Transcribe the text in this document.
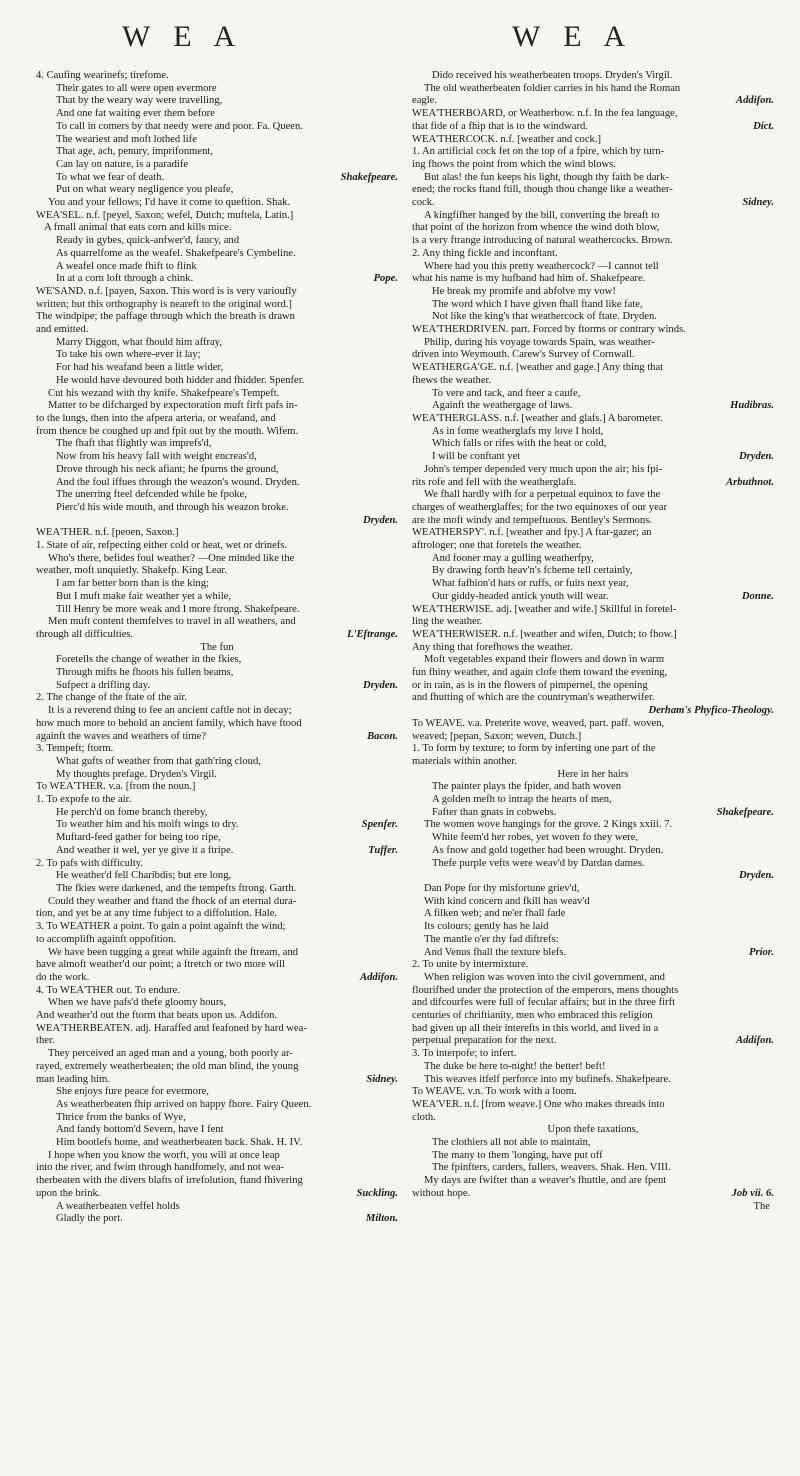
W E A	W E A
4. Caufing wearinefs; tirefome.
Their gates to all were open evermore
That by the weary way were travelling,
And one fat waiting ever them before
To call in comers by that needy were and poor. Fa. Queen.
The weariest and moft lothed life
That age, ach, penury, imprifonment,
Can lay on nature, is a paradife
Shakefpeare.
To what we fear of death.
Put on what weary negligence you pleafe,
You and your fellows; I'd have it come to queftion. Shak.
WEA'SEL. n.f. [peyel, Saxon; wefel, Dutch; muftela, Latin.]
A fmall animal that eats corn and kills mice.
Ready in gybes, quick-anfwer'd, faucy, and
As quarrelfome as the weafel. Shakefpeare's Cymbeline.
A weafel once made fhift to flink
Pope.
In at a corn loft through a chink.
WE'SAND. n.f. [payen, Saxon. This word is is very varioufly
written; but this orthography is neareft to the original word.]
The windpipe; the paffage through which the breath is drawn
and emitted.
Marry Diggon, what fhould him affray,
To take his own where-ever it lay;
For had his weafand been a little wider,
He would have devoured both hidder and fhidder. Spenfer.
Cut his wezand with thy knife. Shakefpeare's Tempeft.
Matter to be difcharged by expectoration muft firft pafs in-
to the lungs, then into the afpera arteria, or weafand, and
from thence be coughed up and fpit out by the mouth. Wifem.
The fhaft that flightly was imprefs'd,
Now from his heavy fall with weight encreas'd,
Drove through his neck afiant; he fpurns the ground,
And the foul iffues through the weazon's wound. Dryden.
The unerring fteel defcended while he fpoke,
Pierc'd his wide mouth, and through his weazon broke.
Dryden.
WEA'THER. n.f. [peoen, Saxon.]
1. State of air, refpecting either cold or heat, wet or drinefs.
Who's there, befides foul weather? —One minded like the
weather, moft unquietly. Shakefp. King Lear.
I am far better born than is the king;
But I muft make fair weather yet a while,
Till Henry be more weak and I more ftrong. Shakefpeare.
Men muft content themfelves to travel in all weathers, and
L'Eftrange.
through all difficulties.
The fun
Foretells the change of weather in the fkies,
Through mifts he fhoots his fullen beams,
Dryden.
Sufpect a drifling day.
2. The change of the ftate of the air.
It is a reverend thing to fee an ancient caftle not in decay;
how much more to behold an ancient family, which have ftood
Bacon.
againft the waves and weathers of time?
3. Tempeft; ftorm.
What gufts of weather from that gath'ring cloud,
My thoughts prefage. Dryden's Virgil.
To WEA'THER. v.a. [from the noun.]
1. To expofe to the air.
He perch'd on fome branch thereby,
Spenfer.
To weather him and his moift wings to dry.
Muftard-feed gather for being too ripe,
Tuffer.
And weather it wel, yer ye give it a ftripe.
2. To pafs with difficulty.
He weather'd fell Charibdis; but ere long,
The fkies were darkened, and the tempefts ftrong. Garth.
Could they weather and ftand the fhock of an eternal dura-
tion, and yet be at any time fubject to a diffolution. Hale.
3. To WEATHER a point. To gain a point againft the wind;
to accomplifh againft oppofition.
We have been tugging a great while againft the ftream, and
have almoft weather'd our point; a ftretch or two more will
Addifon.
do the work.
4. To WEA'THER out. To endure.
When we have pafs'd thefe gloomy hours,
And weather'd out the ftorm that beats upon us. Addifon.
WEA'THERBEATEN. adj. Haraffed and feafoned by hard wea-
ther.
They perceived an aged man and a young, both poorly ar-
rayed, extremely weatherbeaten; the old man blind, the young
Sidney.
man leading him.
She enjoys fure peace for evermore,
As weatherbeaten fhip arrived on happy fhore. Fairy Queen.
Thrice from the banks of Wye,
And fandy bottom'd Severn, have I fent
Him bootlefs home, and weatherbeaten back. Shak. H. IV.
I hope when you know the worft, you will at once leap
into the river, and fwim through handfomely, and not wea-
therbeaten with the divers blafts of irrefolution, ftand fhivering
Suckling.
upon the brink.
A weatherbeaten veffel holds
Milton.
Gladly the port.
Dido received his weatherbeaten troops. Dryden's Virgil.
The old weatherbeaten foldier carries in his hand the Roman
Addifon.
eagle.
WEA'THERBOARD, or Weatherbow. n.f. In the fea language,
Dict.
that fide of a fhip that is to the windward.
WEA'THERCOCK. n.f. [weather and cock.]
1. An artificial cock fet on the top of a fpire, which by turn-
ing fhows the point from which the wind blows.
But alas! the fun keeps his light, though thy faith be dark-
ened; the rocks ftand ftill, though thou change like a weather-
Sidney.
cock.
A kingfifher hanged by the bill, converting the breaft to
that point of the horizon from whence the wind doth blow,
is a very ftrange introducing of natural weathercocks. Brown.
2. Any thing fickle and inconftant.
Where had you this pretty weathercock? —I cannot tell
what his name is my hufband had him of. Shakefpeare.
He break my promife and abfolve my vow!
The word which I have given fhall ftand like fate,
Not like the king's that weathercock of ftate. Dryden.
WEA'THERDRIVEN. part. Forced by ftorms or contrary winds.
Philip, during his voyage towards Spain, was weather-
driven into Weymouth. Carew's Survey of Cornwall.
WEATHERGA'GE. n.f. [weather and gage.] Any thing that
fhews the weather.
To vere and tack, and fteer a caufe,
Hudibras.
Againft the weathergage of laws.
WEA'THERGLASS. n.f. [weather and glafs.] A barometer.
As in fome weatherglafs my love I hold,
Which falls or rifes with the heat or cold,
Dryden.
I will be conftant yet
John's temper depended very much upon the air; his fpi-
Arbuthnot.
rits rofe and fell with the weatherglafs.
We fhall hardly wifh for a perpetual equinox to fave the
charges of weatherglaffes; for the two equinoxes of our year
are the moft windy and tempeftuous. Bentley's Sermons.
WEATHERSPY'. n.f. [weather and fpy.] A ftar-gazer; an
aftrologer; one that foretels the weather.
And fooner may a gulling weatherfpy,
By drawing forth heav'n's fcheme tell certainly,
What fafhion'd hats or ruffs, or fuits next year,
Donne.
Our giddy-headed antick youth will wear.
WEA'THERWISE. adj. [weather and wife.] Skillful in foretel-
ling the weather.
WEA'THERWISER. n.f. [weather and wifen, Dutch; to fhow.]
Any thing that forefhows the weather.
Moft vegetables expand their flowers and down in warm
fun fhiny weather, and again clofe them toward the evening,
or in rain, as is in the flowers of pimpernel, the opening
and fhutting of which are the countryman's weatherwifer.
Derham's Phyfico-Theology.
To WEAVE. v.a. Preterite wove, weaved, part. paff. woven,
weaved; [pepan, Saxon; weven, Dutch.]
1. To form by texture; to form by inferting one part of the
materials within another.
Here in her hairs
The painter plays the fpider, and hath woven
A golden mefh to intrap the hearts of men,
Shakefpeare.
Fafter than gnats in cobwebs.
The women wove hangings for the grove. 2 Kings xxiii. 7.
White feem'd her robes, yet woven fo they were,
As fnow and gold together had been wrought. Dryden.
Thefe purple vefts were weav'd by Dardan dames.
Dryden.
Dan Pope for thy misfortune griev'd,
With kind concern and fkill has weav'd
A filken web; and ne'er fhall fade
Its colours; gently has he laid
The mantle o'er thy fad diftrefs:
Prior.
And Venus fhall the texture blefs.
2. To unite by intermixture.
When religion was woven into the civil government, and
flourifhed under the protection of the emperors, mens thoughts
and difcourfes were full of fecular affairs; but in the three firft
centuries of chriftianity, men who embraced this religion
had given up all their interefts in this world, and lived in a
Addifon.
perpetual preparation for the next.
3. To interpofe; to infert.
The duke be here to-night! the better! beft!
This weaves itfelf perforce into my bufinefs. Shakefpeare.
To WEAVE. v.n. To work with a loom.
WEA'VER. n.f. [from weave.] One who makes threads into
cloth.
Upon thefe taxations,
The clothiers all not able to maintain,
The many to them 'longing, have put off
The fpinfters, carders, fullers, weavers. Shak. Hen. VIII.
My days are fwifter than a weaver's fhuttle, and are fpent
Job vii. 6.
without hope.
The
